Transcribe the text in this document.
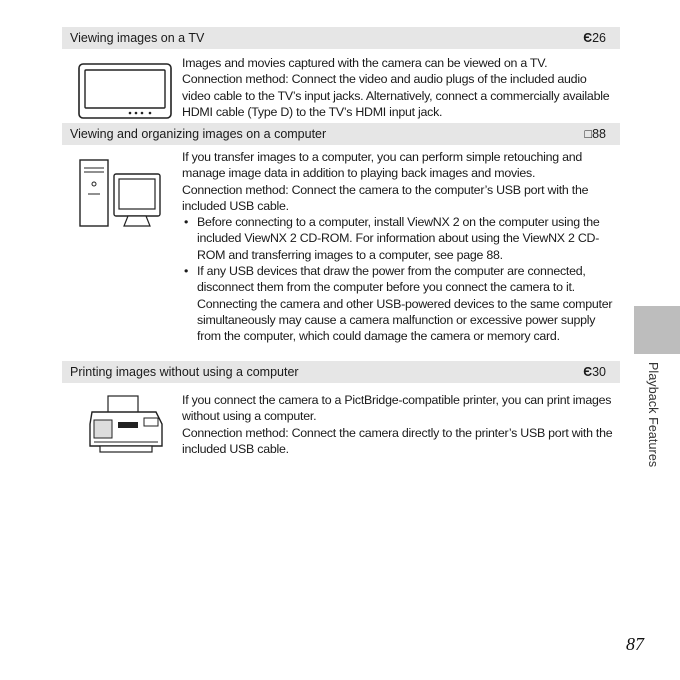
Viewing images on a TV	Є26

Images and movies captured with the camera can be viewed on a TV.

Connection method: Connect the video and audio plugs of the included audio video cable to the TV’s input jacks. Alternatively, connect a commercially available HDMI cable (Type D) to the TV’s HDMI input jack.

Viewing and organizing images on a computer	□88

If you transfer images to a computer, you can perform simple retouching and manage image data in addition to playing back images and movies.

Connection method: Connect the camera to the computer’s USB port with the included USB cable.

• Before connecting to a computer, install ViewNX 2 on the computer using the included ViewNX 2 CD-ROM. For information about using the ViewNX 2 CD-ROM and transferring images to a computer, see page 88.
• If any USB devices that draw the power from the computer are connected, disconnect them from the computer before you connect the camera to it. Connecting the camera and other USB-powered devices to the same computer simultaneously may cause a camera malfunction or excessive power supply from the computer, which could damage the camera or memory card.
Printing images without using a computer	Є30

If you connect the camera to a PictBridge-compatible printer, you can print images without using a computer.

Connection method: Connect the camera directly to the printer’s USB port with the included USB cable.	Playback Features
87
